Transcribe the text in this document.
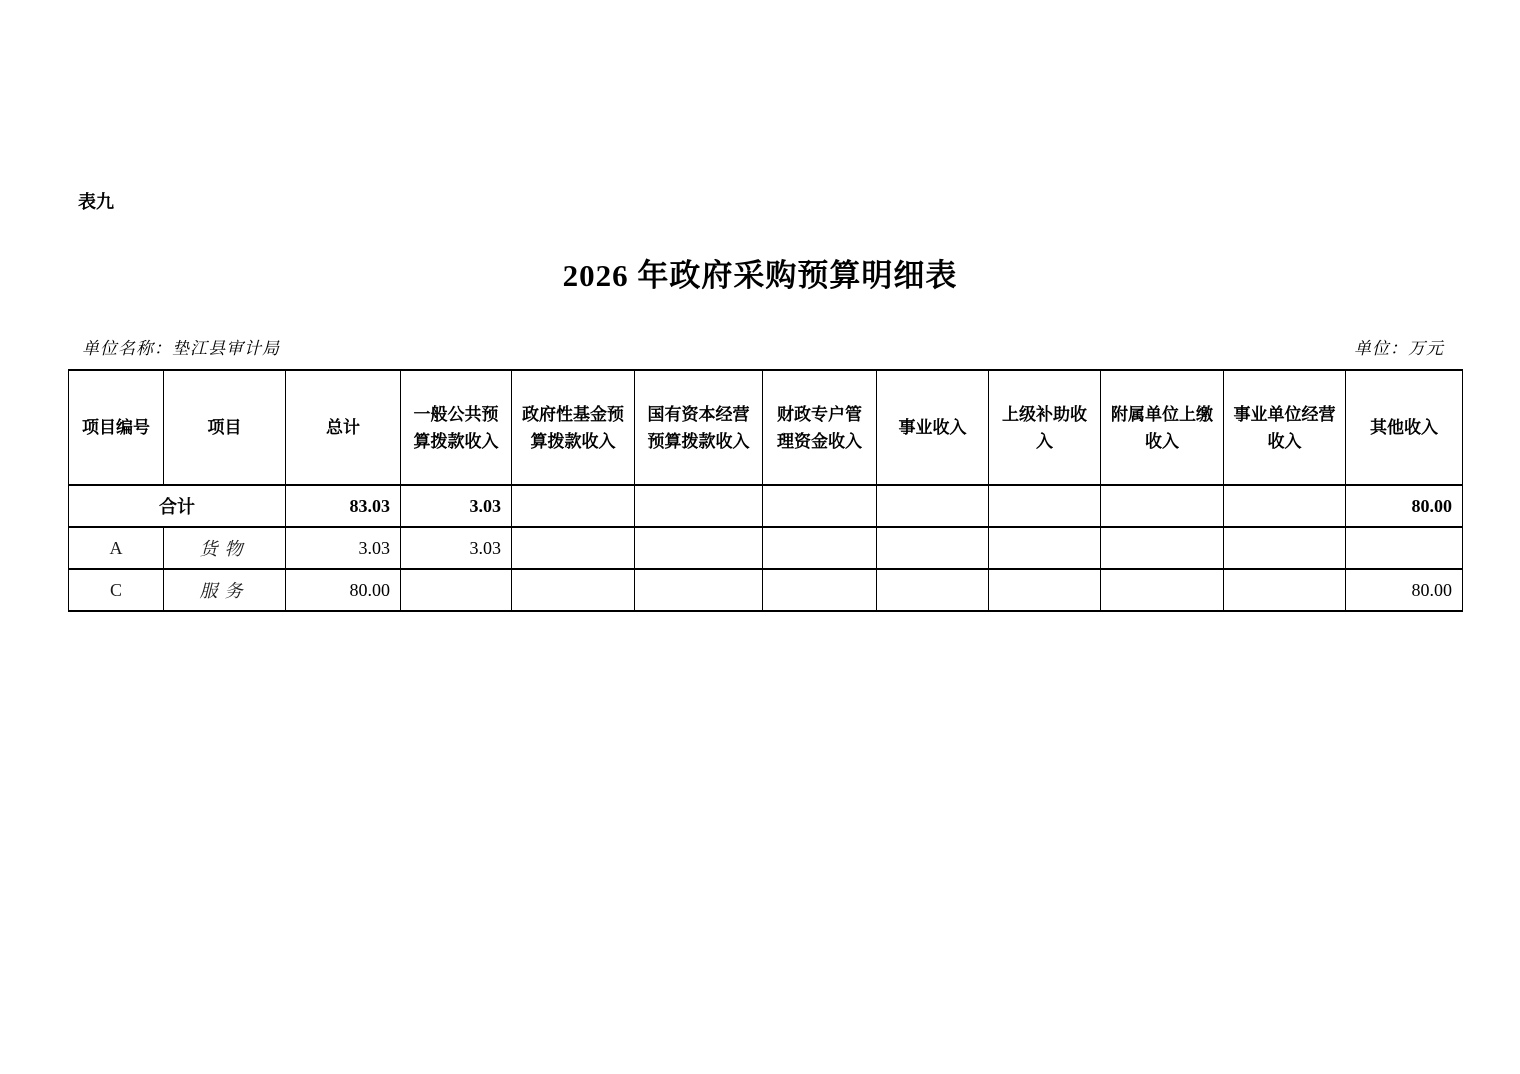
表九
2026 年政府采购预算明细表
单位名称：垫江县审计局	单位：万元
项目编号	项目	总计	一般公共预算拨款收入	政府性基金预算拨款收入	国有资本经营预算拨款收入	财政专户管理资金收入	事业收入	上级补助收入	附属单位上缴收入	事业单位经营收入	其他收入
合计		83.03	3.03								80.00
A	货物	3.03	3.03								
C	服务	80.00									80.00
